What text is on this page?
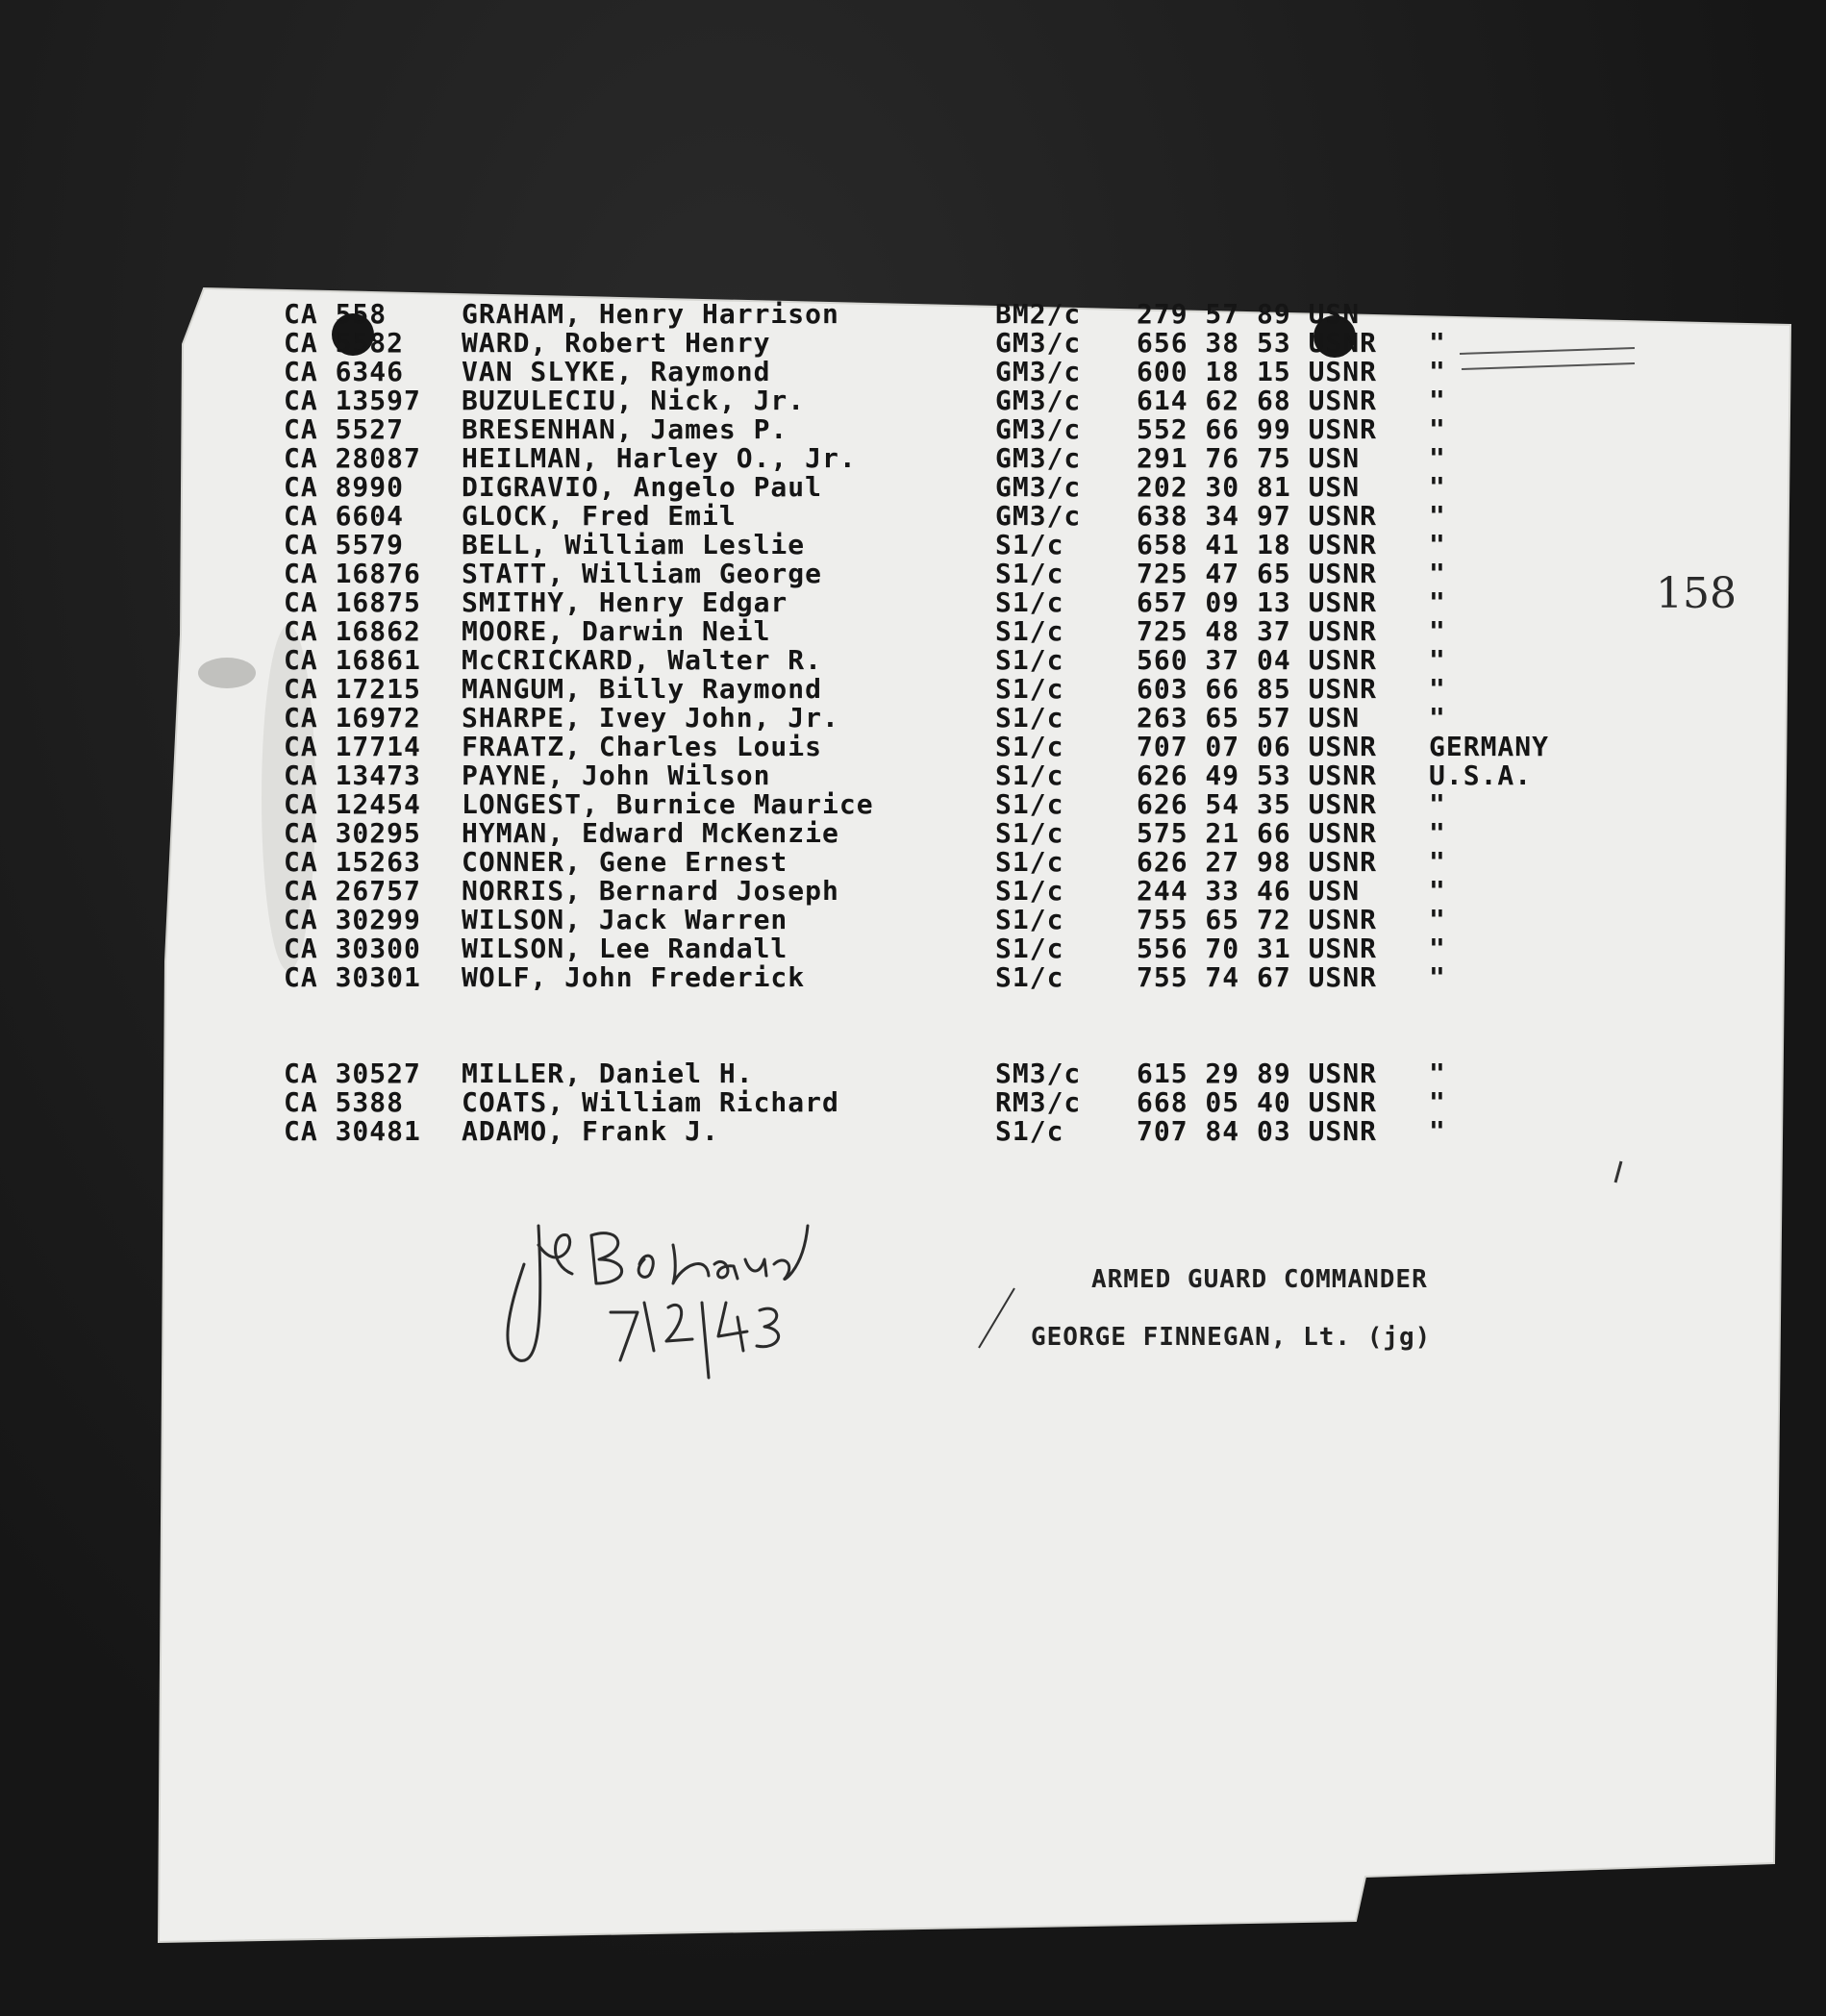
158
CA 558	GRAHAM, Henry Harrison	BM2/c 279 57 89 USN
CA 5582 WARD, Robert Henry	GM3/c 656 38 53 USNR "
CA 6346 VAN SLYKE, Raymond	GM3/c 600 18 15 USNR "
CA 13597 BUZULECIU, Nick, Jr.	GM3/c 614 62 68 USNR "
CA 5527 BRESENHAN, James P.	GM3/c 552 66 99 USNR "
CA 28087 HEILMAN, Harley O., Jr.	GM3/c 291 76 75 USN	"
CA 8990 DIGRAVIO, Angelo Paul	GM3/c 202 30 81 USN	"
CA 6604 GLOCK, Fred Emil	GM3/c 638 34 97 USNR "
CA 5579 BELL, William Leslie	S1/c	658 41 18 USNR "
CA 16876 STATT, William George	S1/c	725 47 65 USNR "
CA 16875 SMITHY, Henry Edgar	S1/c	657 09 13 USNR "
CA 16862 MOORE, Darwin Neil	S1/c	725 48 37 USNR "
CA 16861 McCRICKARD, Walter R.	S1/c	560 37 04 USNR "
CA 17215 MANGUM, Billy Raymond	S1/c	603 66 85 USNR "
CA 16972 SHARPE, Ivey John, Jr.	S1/c	263 65 57 USN	"
CA 17714 FRAATZ, Charles Louis	S1/c	707 07 06 USNR GERMANY
CA 13473 PAYNE, John Wilson	S1/c	626 49 53 USNR U.S.A.
CA 12454 LONGEST, Burnice Maurice	S1/c	626 54 35 USNR "
CA 30295 HYMAN, Edward McKenzie	S1/c	575 21 66 USNR "
CA 15263 CONNER, Gene Ernest	S1/c	626 27 98 USNR "
CA 26757 NORRIS, Bernard Joseph	S1/c	244 33 46 USN	"
CA 30299 WILSON, Jack Warren	S1/c	755 65 72 USNR "
CA 30300 WILSON, Lee Randall	S1/c	556 70 31 USNR "
CA 30301 WOLF, John Frederick	S1/c	755 74 67 USNR "
CA 30527 MILLER, Daniel H.	SM3/c 615 29 89 USNR "
CA 5388 COATS, William Richard	RM3/c 668 05 40 USNR "
CA 30481 ADAMO, Frank J.	S1/c	707 84 03 USNR "
ARMED GUARD COMMANDER
GEORGE FINNEGAN, Lt. (jg)
